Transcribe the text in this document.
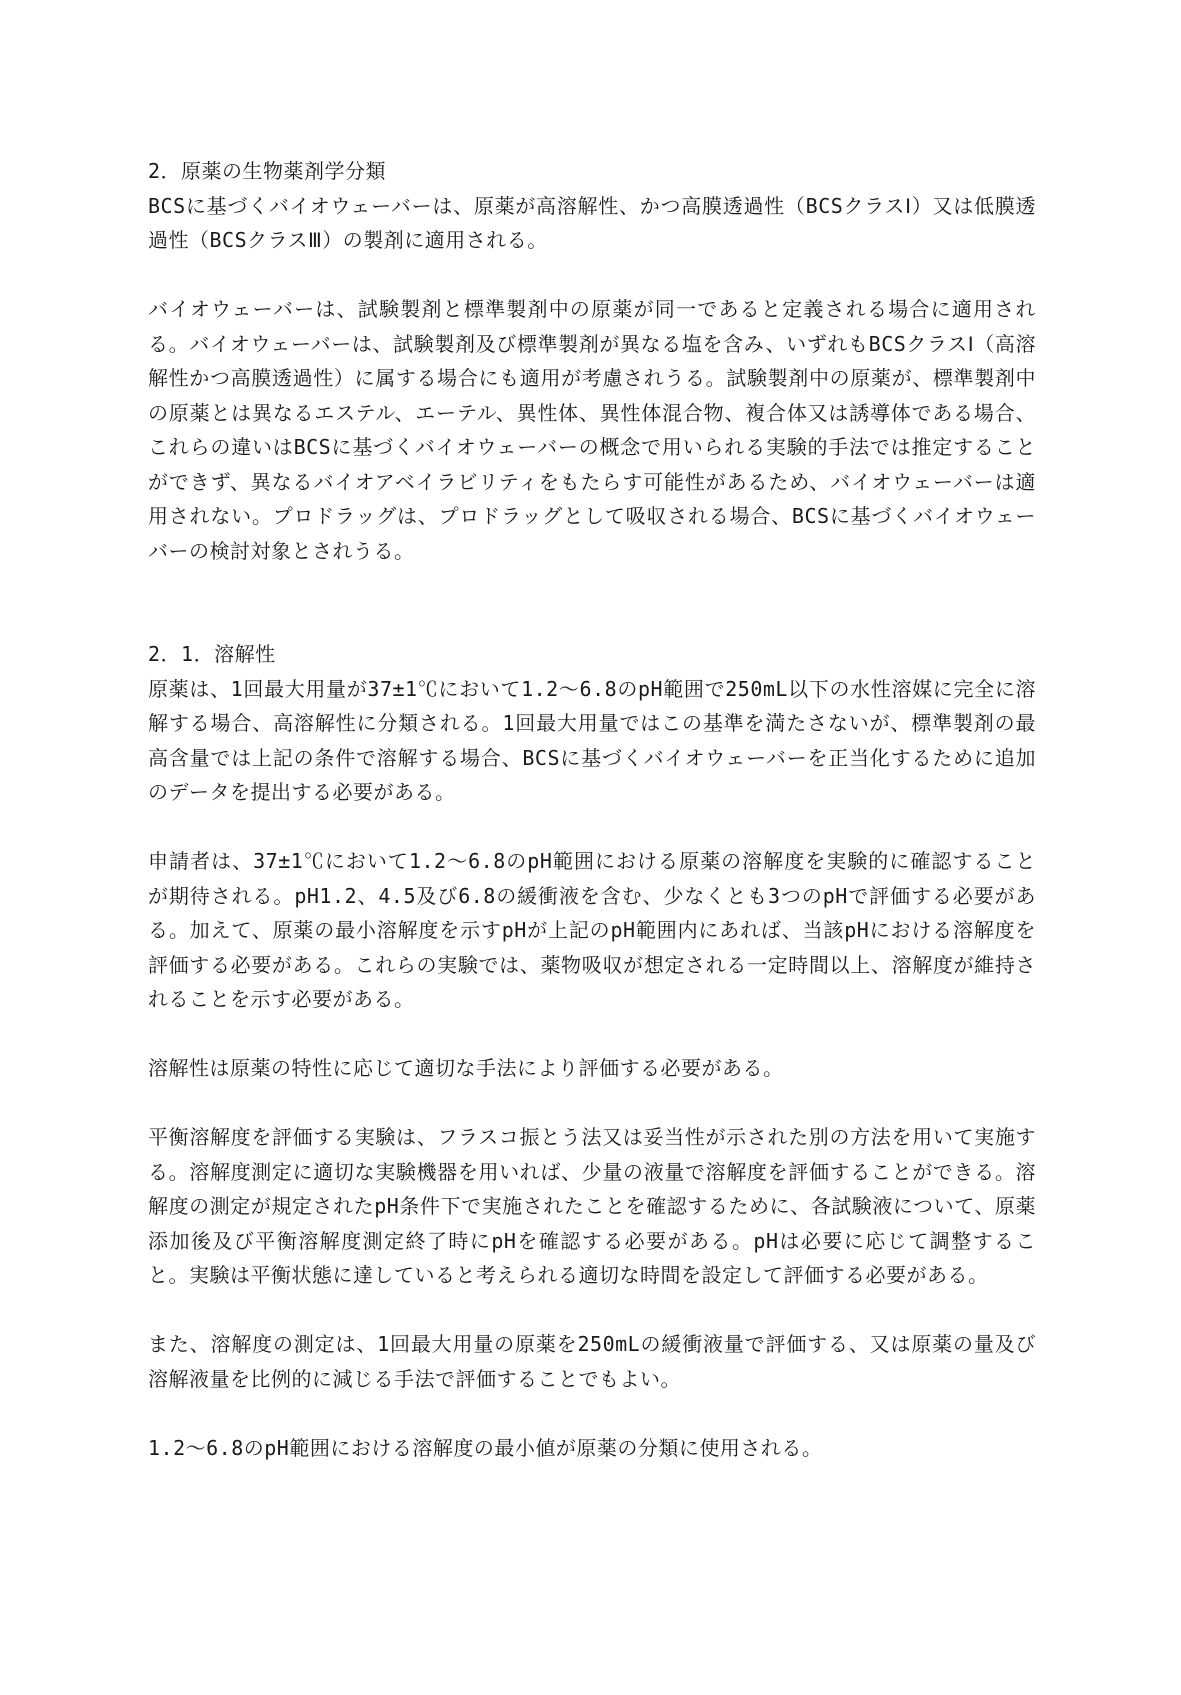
2．原薬の生物薬剤学分類

BCSに基づくバイオウェーバーは、原薬が高溶解性、かつ高膜透過性（BCSクラスⅠ）又は低膜透過性（BCSクラスⅢ）の製剤に適用される。

バイオウェーバーは、試験製剤と標準製剤中の原薬が同一であると定義される場合に適用される。バイオウェーバーは、試験製剤及び標準製剤が異なる塩を含み、いずれもBCSクラスⅠ（高溶解性かつ高膜透過性）に属する場合にも適用が考慮されうる。試験製剤中の原薬が、標準製剤中の原薬とは異なるエステル、エーテル、異性体、異性体混合物、複合体又は誘導体である場合、これらの違いはBCSに基づくバイオウェーバーの概念で用いられる実験的手法では推定することができず、異なるバイオアベイラビリティをもたらす可能性があるため、バイオウェーバーは適用されない。プロドラッグは、プロドラッグとして吸収される場合、BCSに基づくバイオウェーバーの検討対象とされうる。

2．1．溶解性

原薬は、1回最大用量が37±1℃において1.2～6.8のpH範囲で250mL以下の水性溶媒に完全に溶解する場合、高溶解性に分類される。1回最大用量ではこの基準を満たさないが、標準製剤の最高含量では上記の条件で溶解する場合、BCSに基づくバイオウェーバーを正当化するために追加のデータを提出する必要がある。

申請者は、37±1℃において1.2～6.8のpH範囲における原薬の溶解度を実験的に確認することが期待される。pH1.2、4.5及び6.8の緩衝液を含む、少なくとも3つのpHで評価する必要がある。加えて、原薬の最小溶解度を示すpHが上記のpH範囲内にあれば、当該pHにおける溶解度を評価する必要がある。これらの実験では、薬物吸収が想定される一定時間以上、溶解度が維持されることを示す必要がある。

溶解性は原薬の特性に応じて適切な手法により評価する必要がある。

平衡溶解度を評価する実験は、フラスコ振とう法又は妥当性が示された別の方法を用いて実施する。溶解度測定に適切な実験機器を用いれば、少量の液量で溶解度を評価することができる。溶解度の測定が規定されたpH条件下で実施されたことを確認するために、各試験液について、原薬添加後及び平衡溶解度測定終了時にpHを確認する必要がある。pHは必要に応じて調整すること。実験は平衡状態に達していると考えられる適切な時間を設定して評価する必要がある。

また、溶解度の測定は、1回最大用量の原薬を250mLの緩衝液量で評価する、又は原薬の量及び溶解液量を比例的に減じる手法で評価することでもよい。

1.2～6.8のpH範囲における溶解度の最小値が原薬の分類に使用される。
